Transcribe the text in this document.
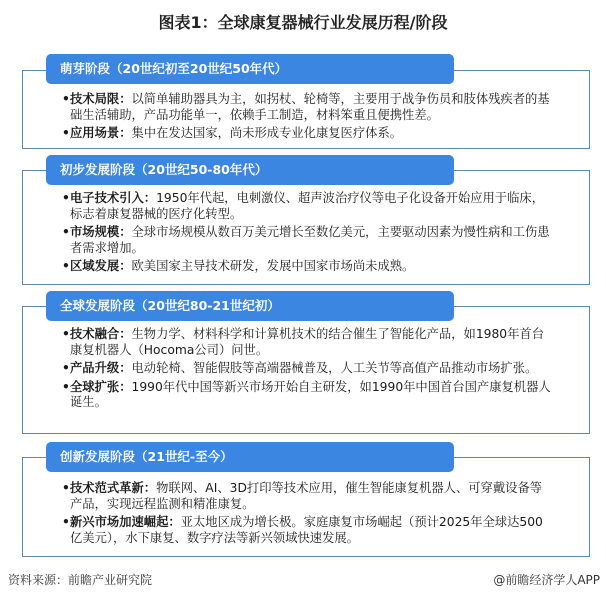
图表1：全球康复器械行业发展历程/阶段
萌芽阶段（20世纪初至20世纪50年代）
• 技术局限：以简单辅助器具为主，如拐杖、轮椅等，主要用于战争伤员和肢体残疾者的基础生活辅助，产品功能单一，依赖手工制造，材料笨重且便携性差。
• 应用场景：集中在发达国家，尚未形成专业化康复医疗体系。
初步发展阶段（20世纪50-80年代）
• 电子技术引入：1950年代起，电刺激仪、超声波治疗仪等电子化设备开始应用于临床，标志着康复器械的医疗化转型。
• 市场规模：全球市场规模从数百万美元增长至数亿美元，主要驱动因素为慢性病和工伤患者需求增加。
• 区域发展：欧美国家主导技术研发，发展中国家市场尚未成熟。
全球发展阶段（20世纪80-21世纪初）
• 技术融合：生物力学、材料科学和计算机技术的结合催生了智能化产品，如1980年首台康复机器人（Hocoma公司）问世。
• 产品升级：电动轮椅、智能假肢等高端器械普及，人工关节等高值产品推动市场扩张。
• 全球扩张：1990年代中国等新兴市场开始自主研发，如1990年中国首台国产康复机器人诞生。
创新发展阶段（21世纪-至今）
• 技术范式革新：物联网、AI、3D打印等技术应用，催生智能康复机器人、可穿戴设备等产品，实现远程监测和精准康复。
• 新兴市场加速崛起：亚太地区成为增长极。家庭康复市场崛起（预计2025年全球达500亿美元），水下康复、数字疗法等新兴领域快速发展。
资料来源：前瞻产业研究院	@前瞻经济学人APP
